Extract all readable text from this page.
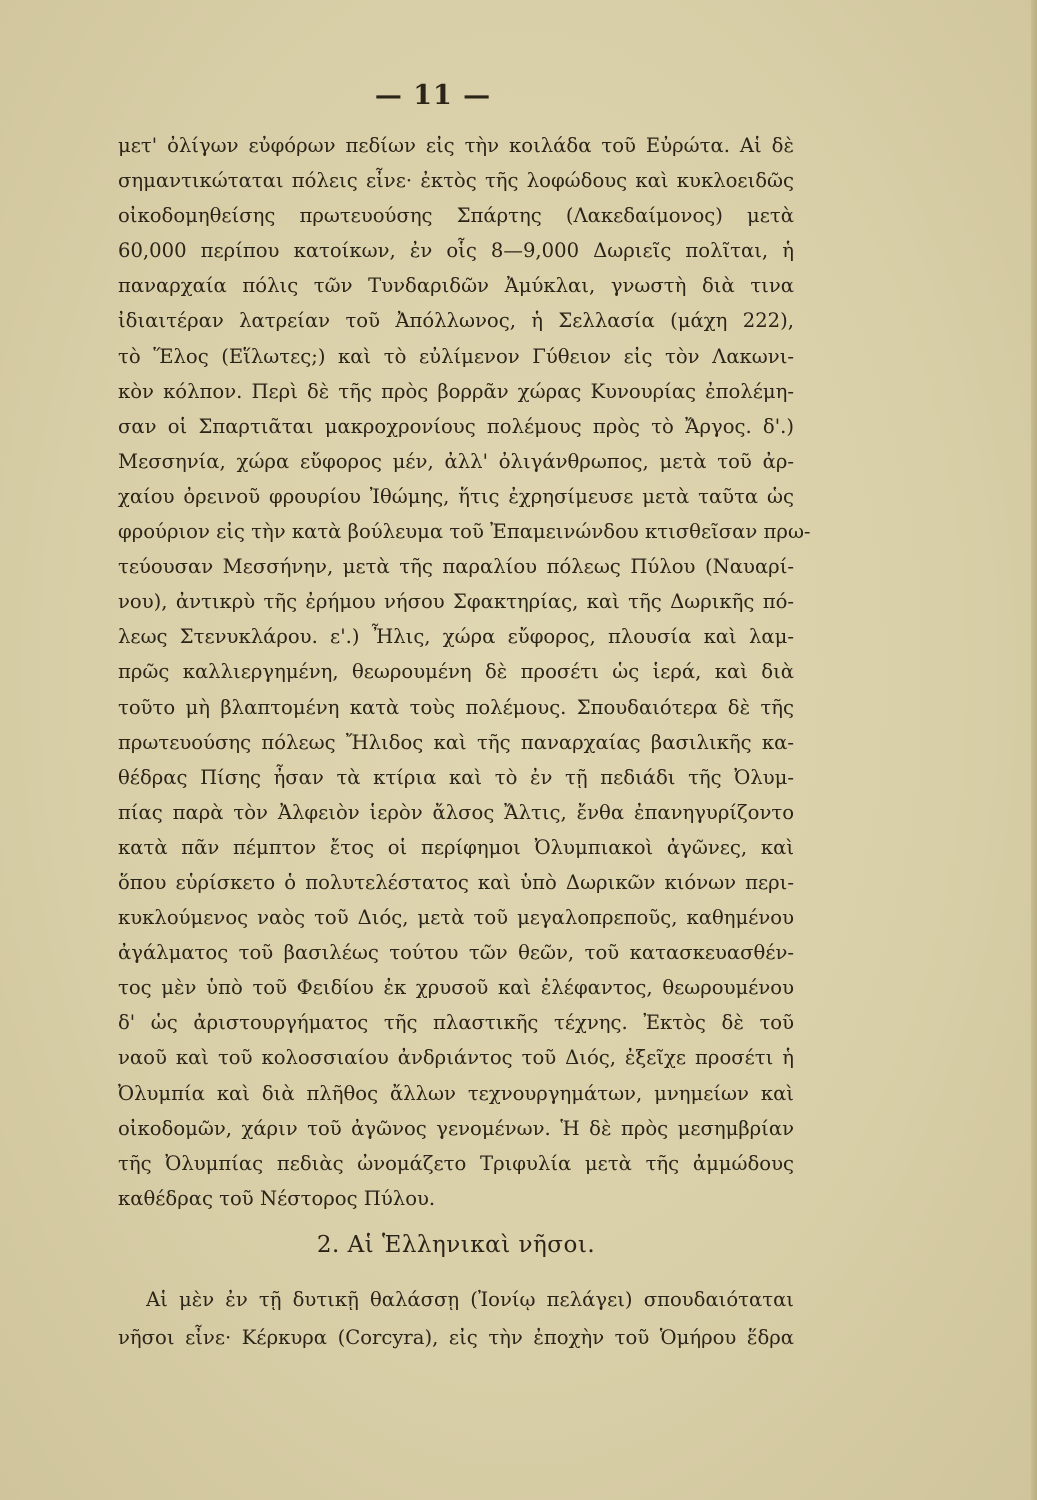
— 11 —
μετ' ὀλίγων εὐφόρων πεδίων εἰς τὴν κοιλάδα τοῦ Εὐρώτα. Αἱ δὲ
σημαντικώταται πόλεις εἶνε· ἐκτὸς τῆς λοφώδους καὶ κυκλοειδῶς
οἰκοδομηθείσης πρωτευούσης Σπάρτης (Λακεδαίμονος) μετὰ
60,000 περίπου κατοίκων, ἐν οἷς 8—9,000 Δωριεῖς πολῖται, ἡ
παναρχαία πόλις τῶν Τυνδαριδῶν Ἀμύκλαι, γνωστὴ διὰ τινα
ἰδιαιτέραν λατρείαν τοῦ Ἀπόλλωνος, ἡ Σελλασία (μάχη 222),
τὸ Ἕλος (Εἵλωτες;) καὶ τὸ εὐλίμενον Γύθειον εἰς τὸν Λακωνι-
κὸν κόλπον. Περὶ δὲ τῆς πρὸς βορρᾶν χώρας Κυνουρίας ἐπολέμη-
σαν οἱ Σπαρτιᾶται μακροχρονίους πολέμους πρὸς τὸ Ἄργος. δ'.)
Μεσσηνία, χώρα εὔφορος μέν, ἀλλ' ὀλιγάνθρωπος, μετὰ τοῦ ἀρ-
χαίου ὀρεινοῦ φρουρίου Ἰθώμης, ἥτις ἐχρησίμευσε μετὰ ταῦτα ὡς
φρούριον εἰς τὴν κατὰ βούλευμα τοῦ Ἐπαμεινώνδου κτισθεῖσαν πρω-
τεύουσαν Μεσσήνην, μετὰ τῆς παραλίου πόλεως Πύλου (Ναυαρί-
νου), ἀντικρὺ τῆς ἐρήμου νήσου Σφακτηρίας, καὶ τῆς Δωρικῆς πό-
λεως Στενυκλάρου. ε'.) Ἦλις, χώρα εὔφορος, πλουσία καὶ λαμ-
πρῶς καλλιεργημένη, θεωρουμένη δὲ προσέτι ὡς ἱερά, καὶ διὰ
τοῦτο μὴ βλαπτομένη κατὰ τοὺς πολέμους. Σπουδαιότερα δὲ τῆς
πρωτευούσης πόλεως Ἤλιδος καὶ τῆς παναρχαίας βασιλικῆς κα-
θέδρας Πίσης ἦσαν τὰ κτίρια καὶ τὸ ἐν τῇ πεδιάδι τῆς Ὀλυμ-
πίας παρὰ τὸν Ἀλφειὸν ἱερὸν ἄλσος Ἄλτις, ἔνθα ἐπανηγυρίζοντο
κατὰ πᾶν πέμπτον ἔτος οἱ περίφημοι Ὀλυμπιακοὶ ἀγῶνες, καὶ
ὅπου εὑρίσκετο ὁ πολυτελέστατος καὶ ὑπὸ Δωρικῶν κιόνων περι-
κυκλούμενος ναὸς τοῦ Διός, μετὰ τοῦ μεγαλοπρεποῦς, καθημένου
ἀγάλματος τοῦ βασιλέως τούτου τῶν θεῶν, τοῦ κατασκευασθέν-
τος μὲν ὑπὸ τοῦ Φειδίου ἐκ χρυσοῦ καὶ ἐλέφαντος, θεωρουμένου
δ' ὡς ἀριστουργήματος τῆς πλαστικῆς τέχνης. Ἐκτὸς δὲ τοῦ
ναοῦ καὶ τοῦ κολοσσιαίου ἀνδριάντος τοῦ Διός, ἐξεῖχε προσέτι ἡ
Ὀλυμπία καὶ διὰ πλῆθος ἄλλων τεχνουργημάτων, μνημείων καὶ
οἰκοδομῶν, χάριν τοῦ ἀγῶνος γενομένων. Ἡ δὲ πρὸς μεσημβρίαν
τῆς Ὀλυμπίας πεδιὰς ὠνομάζετο Τριφυλία μετὰ τῆς ἀμμώδους
καθέδρας τοῦ Νέστορος Πύλου.
2. Αἱ Ἑλληνικαὶ νῆσοι.
Αἱ μὲν ἐν τῇ δυτικῇ θαλάσσῃ (Ἰονίῳ πελάγει) σπουδαιόταται
νῆσοι εἶνε· Κέρκυρα (Corcyra), εἰς τὴν ἐποχὴν τοῦ Ὁμήρου ἕδρα
